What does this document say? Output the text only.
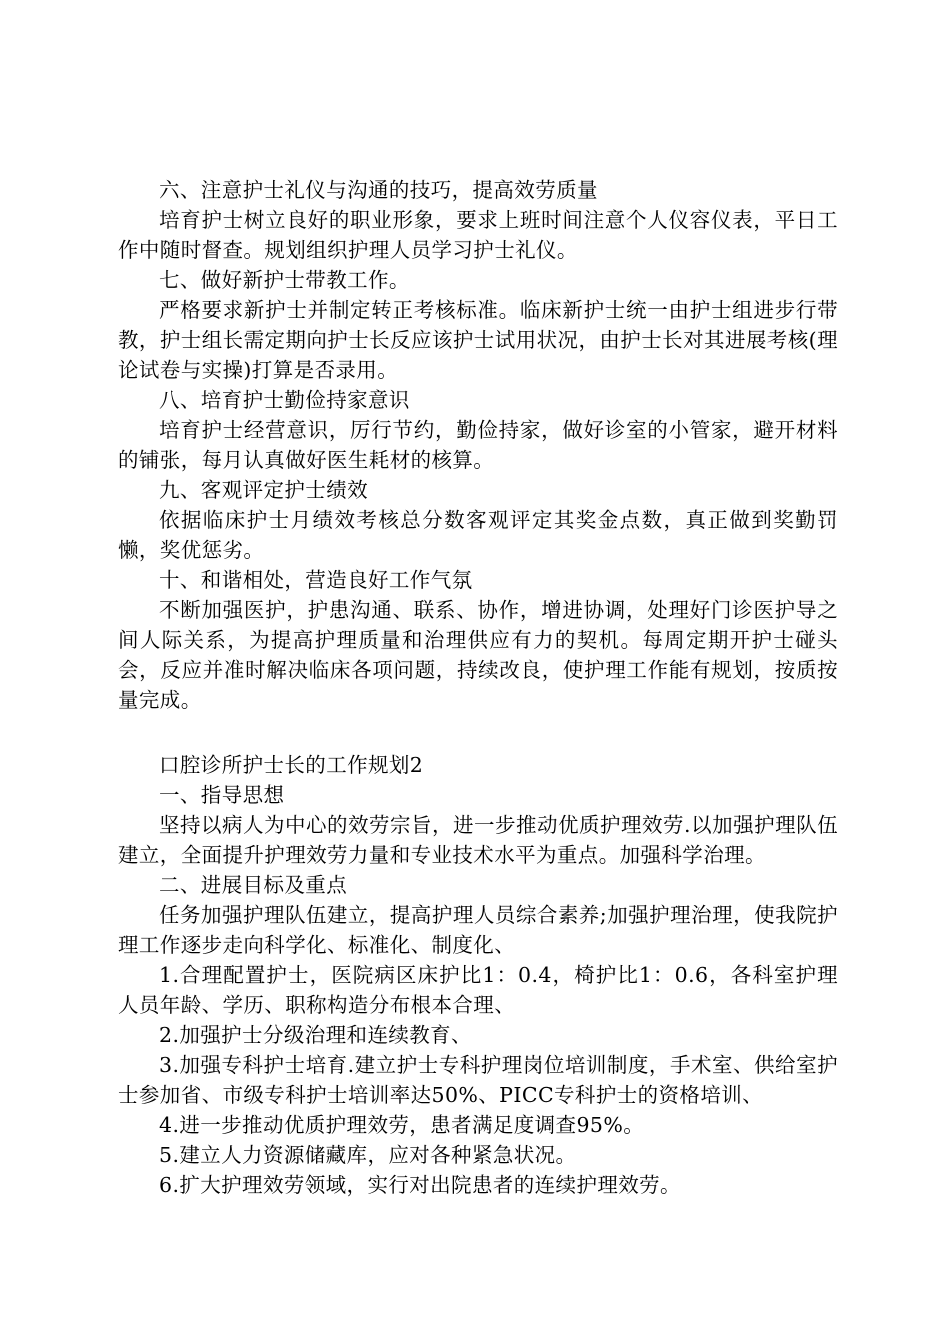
六、注意护士礼仪与沟通的技巧，提高效劳质量

培育护士树立良好的职业形象，要求上班时间注意个人仪容仪表，平日工作中随时督查。规划组织护理人员学习护士礼仪。

七、做好新护士带教工作。

严格要求新护士并制定转正考核标准。临床新护士统一由护士组进步行带教，护士组长需定期向护士长反应该护士试用状况，由护士长对其进展考核(理论试卷与实操)打算是否录用。

八、培育护士勤俭持家意识

培育护士经营意识，厉行节约，勤俭持家，做好诊室的小管家，避开材料的铺张，每月认真做好医生耗材的核算。

九、客观评定护士绩效

依据临床护士月绩效考核总分数客观评定其奖金点数，真正做到奖勤罚懒，奖优惩劣。

十、和谐相处，营造良好工作气氛

不断加强医护，护患沟通、联系、协作，增进协调，处理好门诊医护导之间人际关系，为提高护理质量和治理供应有力的契机。每周定期开护士碰头会，反应并准时解决临床各项问题，持续改良，使护理工作能有规划，按质按量完成。

口腔诊所护士长的工作规划2

一、指导思想

坚持以病人为中心的效劳宗旨，进一步推动优质护理效劳.以加强护理队伍建立，全面提升护理效劳力量和专业技术水平为重点。加强科学治理。

二、进展目标及重点

任务加强护理队伍建立，提高护理人员综合素养;加强护理治理，使我院护理工作逐步走向科学化、标准化、制度化、

1.合理配置护士，医院病区床护比1：0.4，椅护比1：0.6，各科室护理人员年龄、学历、职称构造分布根本合理、

2.加强护士分级治理和连续教育、

3.加强专科护士培育.建立护士专科护理岗位培训制度，手术室、供给室护士参加省、市级专科护士培训率达50%、PICC专科护士的资格培训、

4.进一步推动优质护理效劳，患者满足度调查95%。

5.建立人力资源储藏库，应对各种紧急状况。

6.扩大护理效劳领域，实行对出院患者的连续护理效劳。
